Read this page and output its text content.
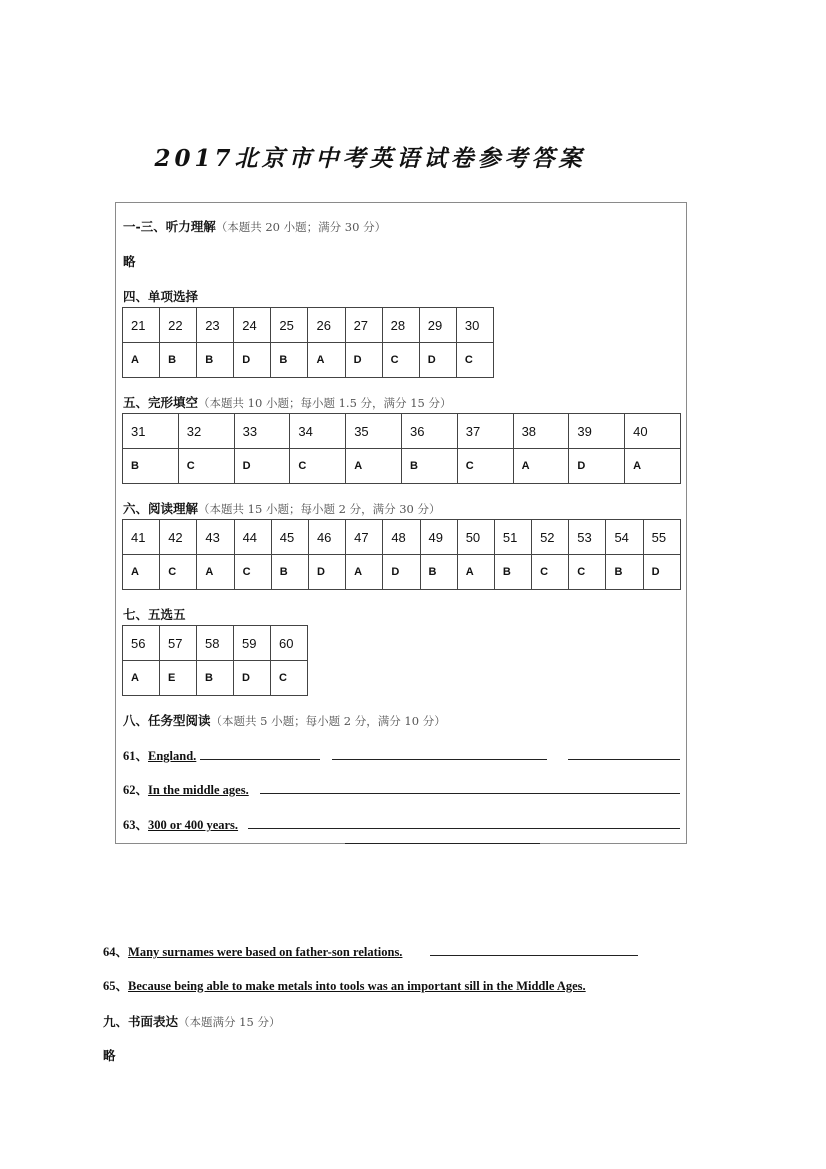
2017北京市中考英语试卷参考答案
一-三、听力理解（本题共 20 小题；满分 30 分）
略
四、单项选择
21	22	23	24	25	26	27	28	29	30
A	B	B	D	B	A	D	C	D	C
五、完形填空（本题共 10 小题；每小题 1.5 分，满分 15 分）
31	32	33	34	35	36	37	38	39	40
B	C	D	C	A	B	C	A	D	A
六、阅读理解（本题共 15 小题；每小题 2 分，满分 30 分）
41	42	43	44	45	46	47	48	49	50	51	52	53	54	55
A	C	A	C	B	D	A	D	B	A	B	C	C	B	D
七、五选五
56	57	58	59	60
A	E	B	D	C
八、任务型阅读（本题共 5 小题；每小题 2 分，满分 10 分）
61、England.
62、In the middle ages.
63、300 or 400 years.
64、Many surnames were based on father-son relations.
65、Because being able to make metals into tools was an important sill in the Middle Ages.
九、书面表达（本题满分 15 分）
略
